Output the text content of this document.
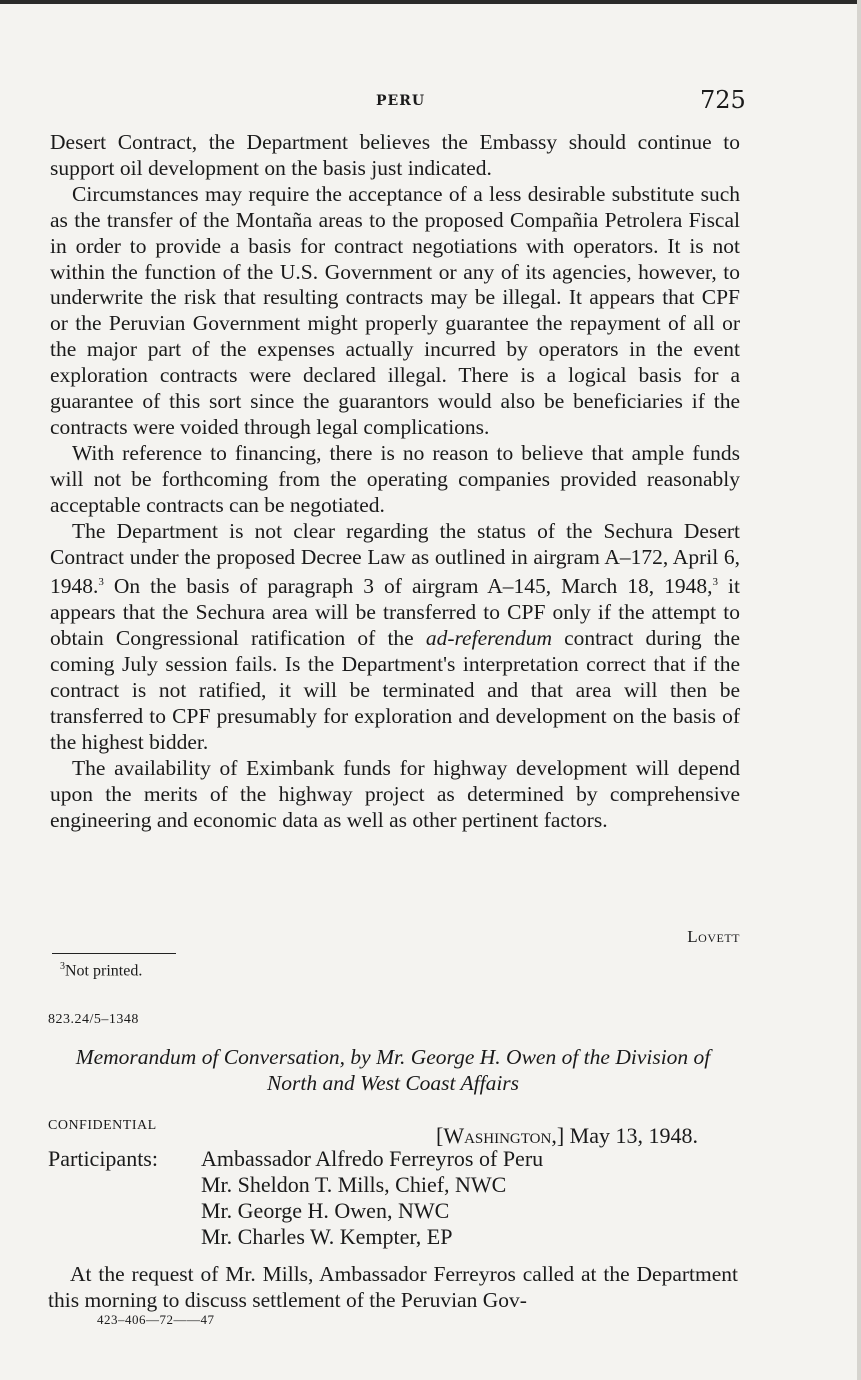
PERU	725

Desert Contract, the Department believes the Embassy should continue to support oil development on the basis just indicated.

Circumstances may require the acceptance of a less desirable substitute such as the transfer of the Montaña areas to the proposed Compañia Petrolera Fiscal in order to provide a basis for contract negotiations with operators. It is not within the function of the U.S. Government or any of its agencies, however, to underwrite the risk that resulting contracts may be illegal. It appears that CPF or the Peruvian Government might properly guarantee the repayment of all or the major part of the expenses actually incurred by operators in the event exploration contracts were declared illegal. There is a logical basis for a guarantee of this sort since the guarantors would also be beneficiaries if the contracts were voided through legal complications.

With reference to financing, there is no reason to believe that ample funds will not be forthcoming from the operating companies provided reasonably acceptable contracts can be negotiated.

The Department is not clear regarding the status of the Sechura Desert Contract under the proposed Decree Law as outlined in airgram A–172, April 6, 1948.$^3$ On the basis of paragraph 3 of airgram A–145, March 18, 1948,$^3$ it appears that the Sechura area will be transferred to CPF only if the attempt to obtain Congressional ratification of the ad-referendum contract during the coming July session fails. Is the Department's interpretation correct that if the contract is not ratified, it will be terminated and that area will then be transferred to CPF presumably for exploration and development on the basis of the highest bidder.

The availability of Eximbank funds for highway development will depend upon the merits of the highway project as determined by comprehensive engineering and economic data as well as other pertinent factors.

Lovett
$^3$Not printed.
823.24/5–1348
Memorandum of Conversation, by Mr. George H. Owen of the Division of North and West Coast Affairs
CONFIDENTIAL	[Washington,] May 13, 1948.
Participants: Ambassador Alfredo Ferreyros of Peru
Mr. Sheldon T. Mills, Chief, NWC
Mr. George H. Owen, NWC
Mr. Charles W. Kempter, EP

At the request of Mr. Mills, Ambassador Ferreyros called at the Department this morning to discuss settlement of the Peruvian Gov-

423–406—72——47
